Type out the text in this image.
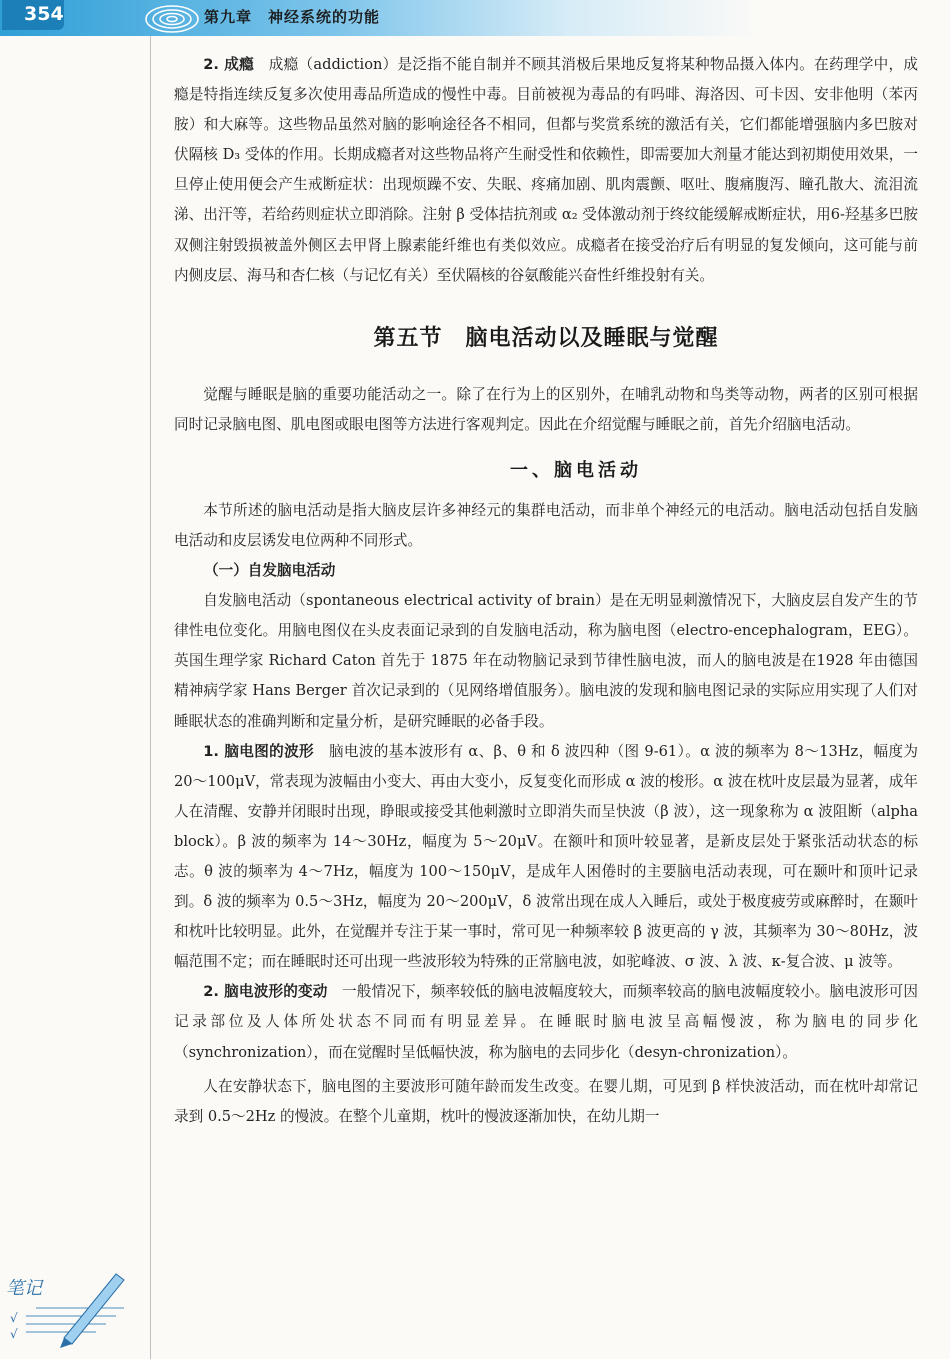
354	第九章　神经系统的功能

2. 成瘾 成瘾（addiction）是泛指不能自制并不顾其消极后果地反复将某种物品摄入体内。在药理学中，成瘾是特指连续反复多次使用毒品所造成的慢性中毒。目前被视为毒品的有吗啡、海洛因、可卡因、安非他明（苯丙胺）和大麻等。这些物品虽然对脑的影响途径各不相同，但都与奖赏系统的激活有关，它们都能增强脑内多巴胺对伏隔核 D₃ 受体的作用。长期成瘾者对这些物品将产生耐受性和依赖性，即需要加大剂量才能达到初期使用效果，一旦停止使用便会产生戒断症状：出现烦躁不安、失眠、疼痛加剧、肌肉震颤、呕吐、腹痛腹泻、瞳孔散大、流泪流涕、出汗等，若给药则症状立即消除。注射 β 受体拮抗剂或 α₂ 受体激动剂于终纹能缓解戒断症状，用6-羟基多巴胺双侧注射毁损被盖外侧区去甲肾上腺素能纤维也有类似效应。成瘾者在接受治疗后有明显的复发倾向，这可能与前内侧皮层、海马和杏仁核（与记忆有关）至伏隔核的谷氨酸能兴奋性纤维投射有关。

第五节　脑电活动以及睡眠与觉醒

觉醒与睡眠是脑的重要功能活动之一。除了在行为上的区别外，在哺乳动物和鸟类等动物，两者的区别可根据同时记录脑电图、肌电图或眼电图等方法进行客观判定。因此在介绍觉醒与睡眠之前，首先介绍脑电活动。

一、脑电活动

本节所述的脑电活动是指大脑皮层许多神经元的集群电活动，而非单个神经元的电活动。脑电活动包括自发脑电活动和皮层诱发电位两种不同形式。

（一）自发脑电活动

自发脑电活动（spontaneous electrical activity of brain）是在无明显刺激情况下，大脑皮层自发产生的节律性电位变化。用脑电图仪在头皮表面记录到的自发脑电活动，称为脑电图（electro-encephalogram，EEG）。英国生理学家 Richard Caton 首先于 1875 年在动物脑记录到节律性脑电波，而人的脑电波是在1928 年由德国精神病学家 Hans Berger 首次记录到的（见网络增值服务）。脑电波的发现和脑电图记录的实际应用实现了人们对睡眠状态的准确判断和定量分析，是研究睡眠的必备手段。

1. 脑电图的波形 脑电波的基本波形有 α、β、θ 和 δ 波四种（图 9-61）。α 波的频率为 8～13Hz，幅度为 20～100μV，常表现为波幅由小变大、再由大变小，反复变化而形成 α 波的梭形。α 波在枕叶皮层最为显著，成年人在清醒、安静并闭眼时出现，睁眼或接受其他刺激时立即消失而呈快波（β 波），这一现象称为 α 波阻断（alpha block）。β 波的频率为 14～30Hz，幅度为 5～20μV。在额叶和顶叶较显著，是新皮层处于紧张活动状态的标志。θ 波的频率为 4～7Hz，幅度为 100～150μV，是成年人困倦时的主要脑电活动表现，可在颞叶和顶叶记录到。δ 波的频率为 0.5～3Hz，幅度为 20～200μV，δ 波常出现在成人入睡后，或处于极度疲劳或麻醉时，在颞叶和枕叶比较明显。此外，在觉醒并专注于某一事时，常可见一种频率较 β 波更高的 γ 波，其频率为 30～80Hz，波幅范围不定；而在睡眠时还可出现一些波形较为特殊的正常脑电波，如驼峰波、σ 波、λ 波、κ-复合波、μ 波等。

2. 脑电波形的变动 一般情况下，频率较低的脑电波幅度较大，而频率较高的脑电波幅度较小。脑电波形可因记录部位及人体所处状态不同而有明显差异。在睡眠时脑电波呈高幅慢波，称为脑电的同步化（synchronization），而在觉醒时呈低幅快波，称为脑电的去同步化（desyn-chronization）。

人在安静状态下，脑电图的主要波形可随年龄而发生改变。在婴儿期，可见到 β 样快波活动，而在枕叶却常记录到 0.5～2Hz 的慢波。在整个儿童期，枕叶的慢波逐渐加快，在幼儿期一

笔记
√
√
